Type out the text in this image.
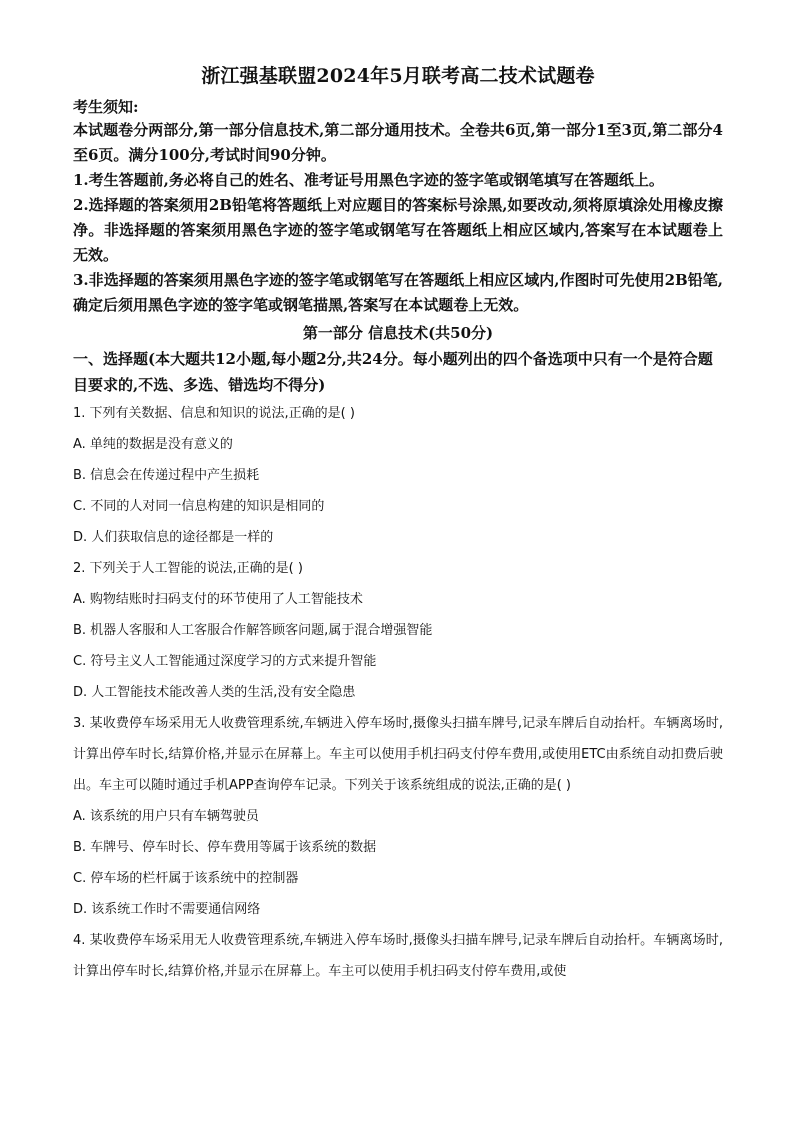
浙江强基联盟2024年5月联考高二技术试题卷
考生须知:

本试题卷分两部分,第一部分信息技术,第二部分通用技术。全卷共6页,第一部分1至3页,第二部分4至6页。满分100分,考试时间90分钟。

1.考生答题前,务必将自己的姓名、准考证号用黑色字迹的签字笔或钢笔填写在答题纸上。

2.选择题的答案须用2B铅笔将答题纸上对应题目的答案标号涂黑,如要改动,须将原填涂处用橡皮擦净。非选择题的答案须用黑色字迹的签字笔或钢笔写在答题纸上相应区域内,答案写在本试题卷上无效。

3.非选择题的答案须用黑色字迹的签字笔或钢笔写在答题纸上相应区域内,作图时可先使用2B铅笔,确定后须用黑色字迹的签字笔或钢笔描黑,答案写在本试题卷上无效。

第一部分 信息技术(共50分)

一、选择题(本大题共12小题,每小题2分,共24分。每小题列出的四个备选项中只有一个是符合题目要求的,不选、多选、错选均不得分)

1. 下列有关数据、信息和知识的说法,正确的是( )

A. 单纯的数据是没有意义的

B. 信息会在传递过程中产生损耗

C. 不同的人对同一信息构建的知识是相同的

D. 人们获取信息的途径都是一样的

2. 下列关于人工智能的说法,正确的是( )

A. 购物结账时扫码支付的环节使用了人工智能技术

B. 机器人客服和人工客服合作解答顾客问题,属于混合增强智能

C. 符号主义人工智能通过深度学习的方式来提升智能

D. 人工智能技术能改善人类的生活,没有安全隐患

3. 某收费停车场采用无人收费管理系统,车辆进入停车场时,摄像头扫描车牌号,记录车牌后自动抬杆。车辆离场时,计算出停车时长,结算价格,并显示在屏幕上。车主可以使用手机扫码支付停车费用,或使用ETC由系统自动扣费后驶出。车主可以随时通过手机APP查询停车记录。下列关于该系统组成的说法,正确的是( )

A. 该系统的用户只有车辆驾驶员

B. 车牌号、停车时长、停车费用等属于该系统的数据

C. 停车场的栏杆属于该系统中的控制器

D. 该系统工作时不需要通信网络

4. 某收费停车场采用无人收费管理系统,车辆进入停车场时,摄像头扫描车牌号,记录车牌后自动抬杆。车辆离场时,计算出停车时长,结算价格,并显示在屏幕上。车主可以使用手机扫码支付停车费用,或使
